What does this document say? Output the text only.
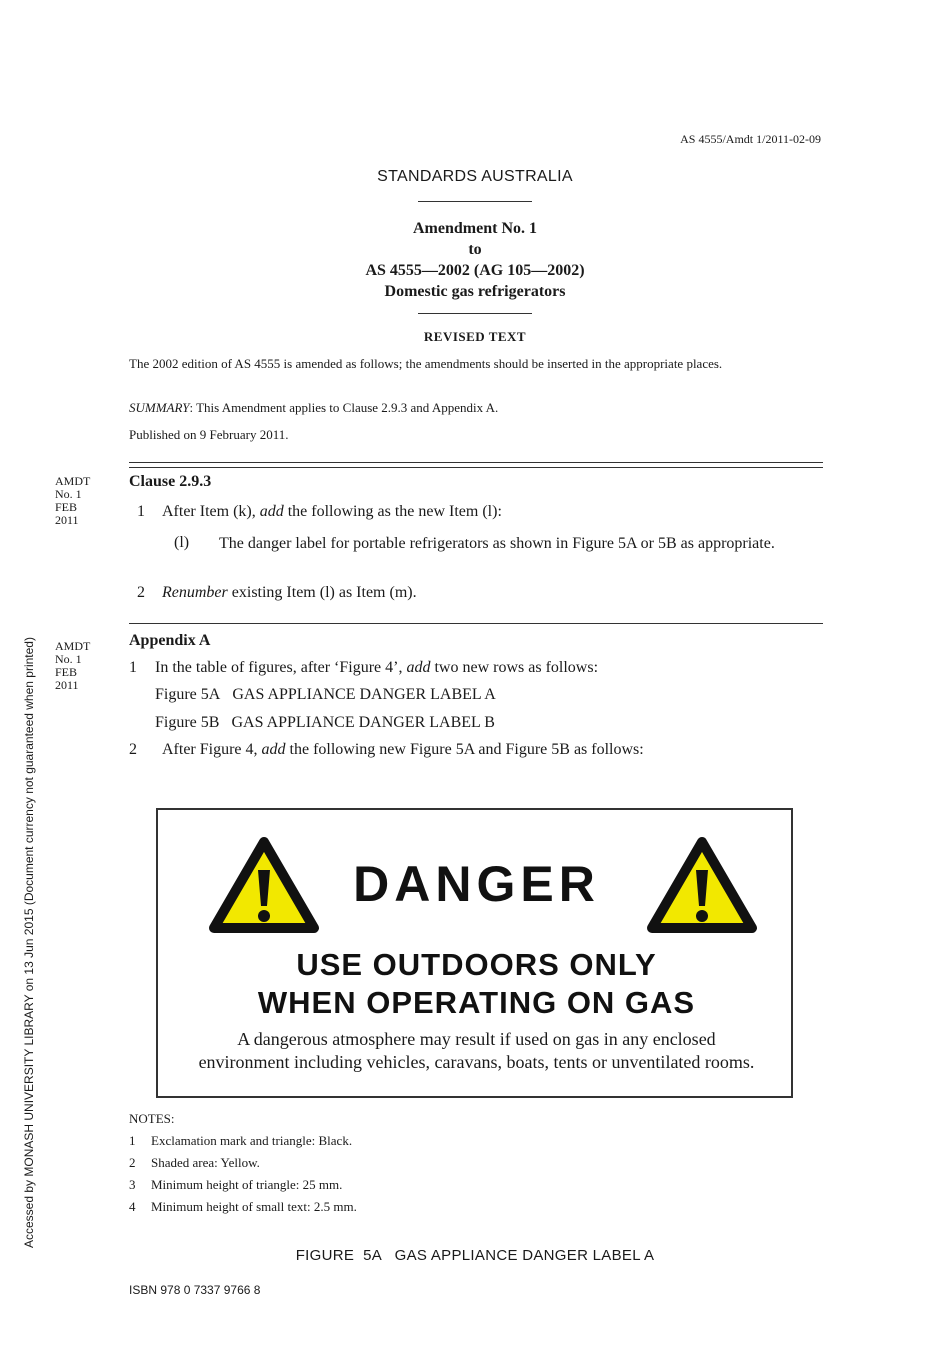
AS 4555/Amdt 1/2011-02-09
STANDARDS AUSTRALIA
Amendment No. 1
to
AS 4555—2002 (AG 105—2002)
Domestic gas refrigerators
REVISED TEXT
The 2002 edition of AS 4555 is amended as follows; the amendments should be inserted in the appropriate places.
SUMMARY: This Amendment applies to Clause 2.9.3 and Appendix A.
Published on 9 February 2011.
AMDT
No. 1
FEB
2011
Clause 2.9.3
1 After Item (k), add the following as the new Item (l):
(l) The danger label for portable refrigerators as shown in Figure 5A or 5B as appropriate.
2 Renumber existing Item (l) as Item (m).
AMDT
No. 1
FEB
2011
Appendix A
1 In the table of figures, after ‘Figure 4’, add two new rows as follows:
Figure 5A GAS APPLIANCE DANGER LABEL A
Figure 5B GAS APPLIANCE DANGER LABEL B
2 After Figure 4, add the following new Figure 5A and Figure 5B as follows:
DANGER
USE OUTDOORS ONLY
WHEN OPERATING ON GAS
A dangerous atmosphere may result if used on gas in any enclosed
environment including vehicles, caravans, boats, tents or unventilated rooms.
NOTES:
1 Exclamation mark and triangle: Black.
2 Shaded area: Yellow.
3 Minimum height of triangle: 25 mm.
4 Minimum height of small text: 2.5 mm.
FIGURE  5A   GAS APPLIANCE DANGER LABEL A
ISBN 978 0 7337 9766 8
Accessed by MONASH UNIVERSITY LIBRARY on 13 Jun 2015 (Document currency not guaranteed when printed)
